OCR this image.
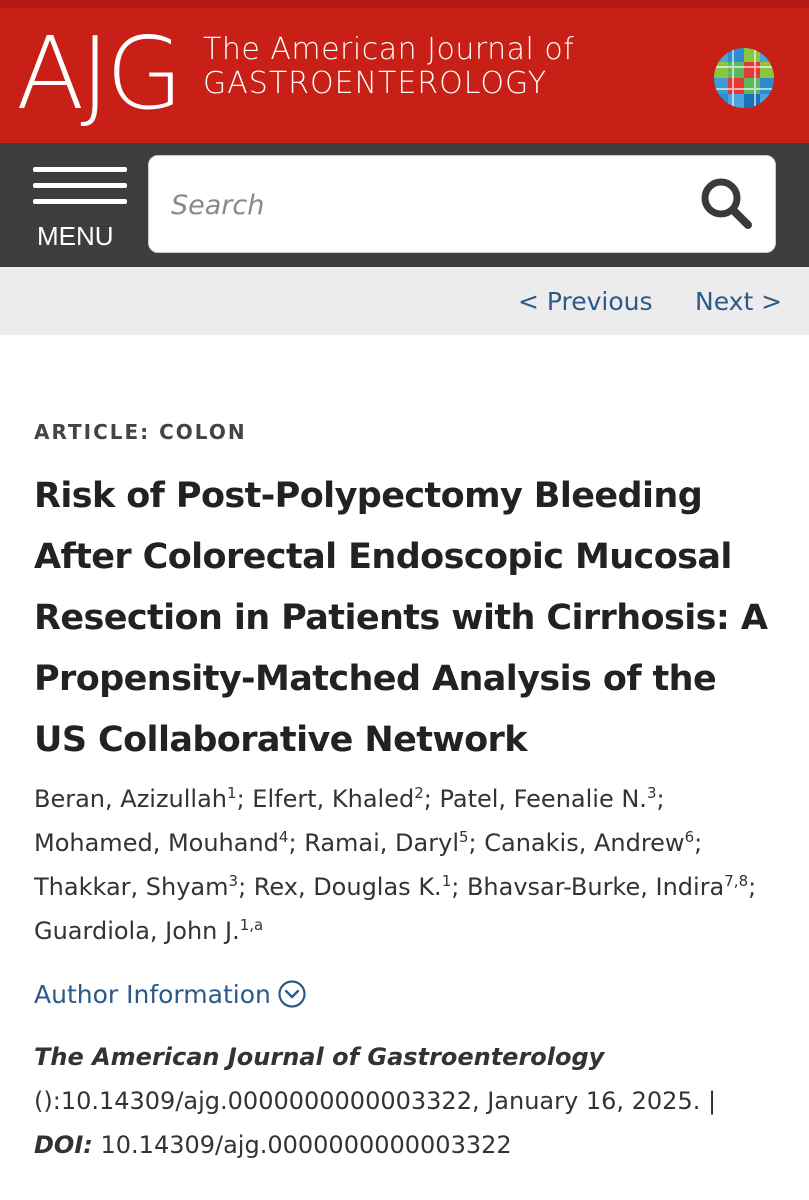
AJG The American Journal of
GASTROENTEROLOGY
MENU
Search
< Previous Next >
ARTICLE: COLON
Risk of Post-Polypectomy Bleeding After Colorectal Endoscopic Mucosal Resection in Patients with Cirrhosis: A Propensity-Matched Analysis of the US Collaborative Network
Beran, Azizullah$^1$; Elfert, Khaled$^2$; Patel, Feenalie N.$^3$; Mohamed, Mouhand$^4$; Ramai, Daryl$^5$; Canakis, Andrew$^6$; Thakkar, Shyam$^3$; Rex, Douglas K.$^1$; Bhavsar-Burke, Indira$^{7,8}$; Guardiola, John J.$^{1,a}$
Author Information
The American Journal of Gastroenterology
():10.14309/ajg.0000000000003322, January 16, 2025. |
DOI: 10.14309/ajg.0000000000003322
